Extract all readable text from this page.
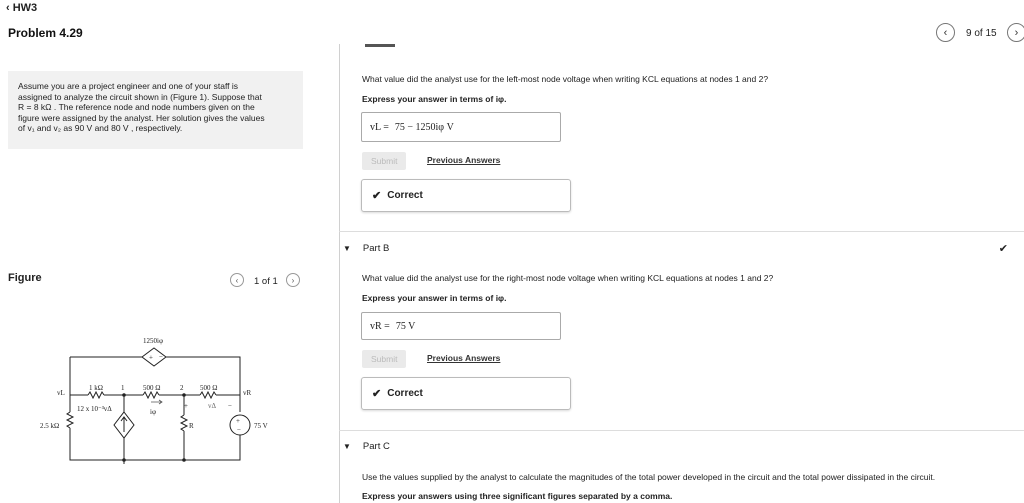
‹ HW3
Problem 4.29	‹ 9 of 15 ›
Assume you are a project engineer and one of your staff is
assigned to analyze the circuit shown in (Figure 1). Suppose that
R = 8 kΩ . The reference node and node numbers given on the
figure were assigned by the analyst. Her solution gives the values
of v₁ and v₂ as 90 V and 80 V , respectively.
Figure	‹ 1 of 1 ›
+ −
1250iφ
1 kΩ	1	500 Ω	2 500 Ω
vL	vR
12 x 10⁻³vΔ	iφ
vΔ
+	−
2.5 kΩ	R	75 V
+
−
What value did the analyst use for the left-most node voltage when writing KCL equations at nodes 1 and 2?
Express your answer in terms of iφ.
vL = 75 − 1250iφ V
Submit	Previous Answers
✔ Correct
▼ Part B	✔
What value did the analyst use for the right-most node voltage when writing KCL equations at nodes 1 and 2?
Express your answer in terms of iφ.
vR = 75 V
Submit	Previous Answers
✔ Correct
▼ Part C
Use the values supplied by the analyst to calculate the magnitudes of the total power developed in the circuit and the total power dissipated in the circuit.
Express your answers using three significant figures separated by a comma.
